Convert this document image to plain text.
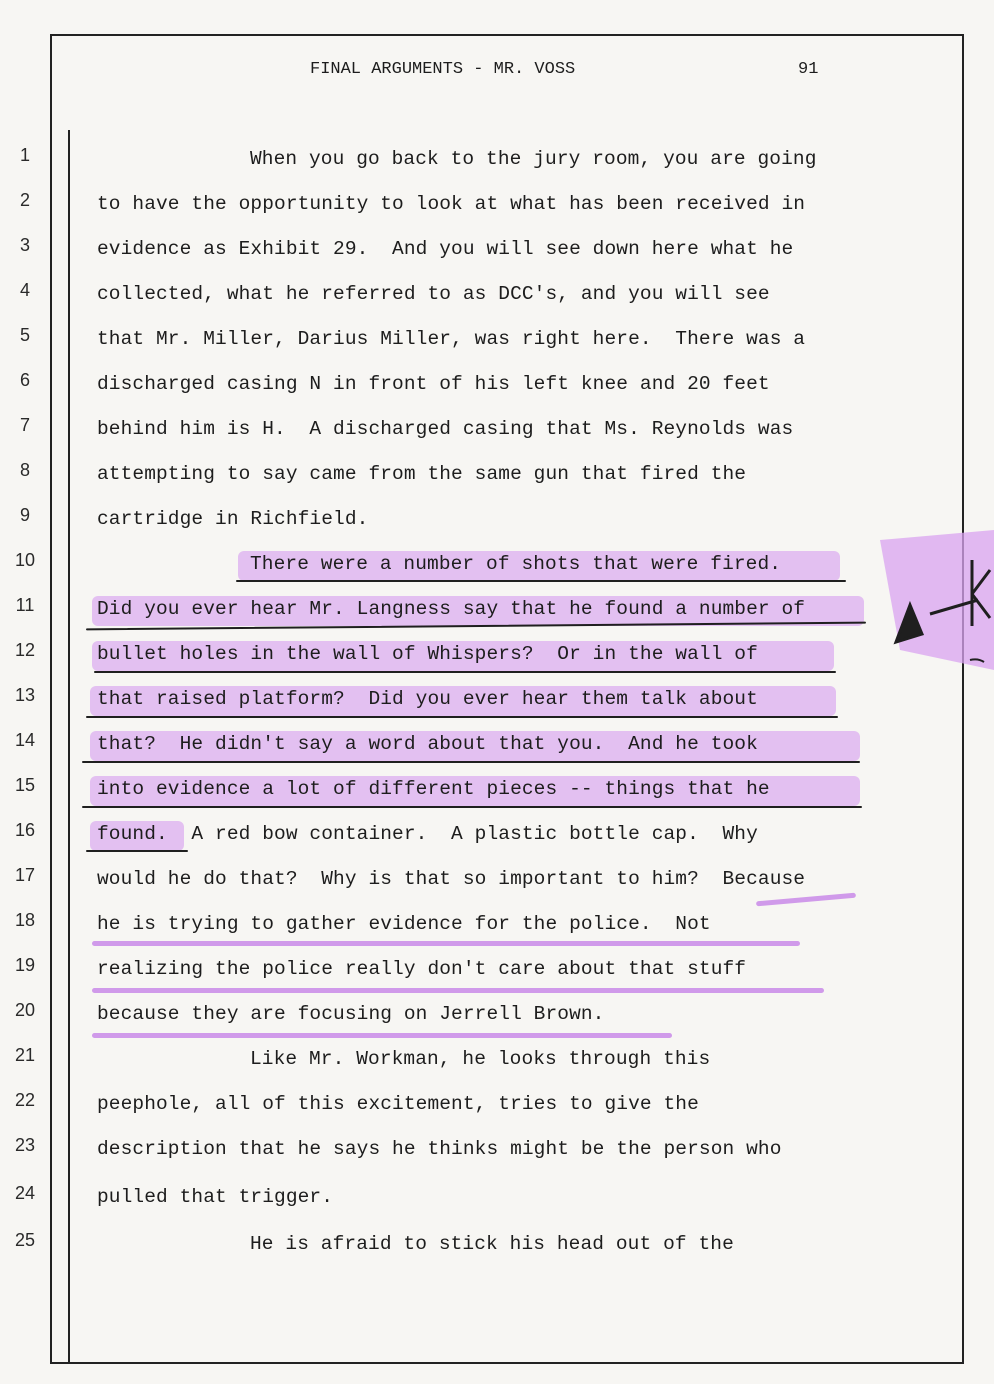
FINAL ARGUMENTS - MR. VOSS	91
1	When you go back to the jury room, you are going
2	to have the opportunity to look at what has been received in
3	evidence as Exhibit 29.  And you will see down here what he
4	collected, what he referred to as DCC's, and you will see
5	that Mr. Miller, Darius Miller, was right here.  There was a
6	discharged casing N in front of his left knee and 20 feet
7	behind him is H.  A discharged casing that Ms. Reynolds was
8	attempting to say came from the same gun that fired the
9	cartridge in Richfield.
10	There were a number of shots that were fired.
11	Did you ever hear Mr. Langness say that he found a number of
12	bullet holes in the wall of Whispers?  Or in the wall of
13	that raised platform?  Did you ever hear them talk about
14	that?  He didn't say a word about that you.  And he took
15	into evidence a lot of different pieces -- things that he
16	found.  A red bow container.  A plastic bottle cap.  Why
17	would he do that?  Why is that so important to him?  Because
18	he is trying to gather evidence for the police.  Not
19	realizing the police really don't care about that stuff
20	because they are focusing on Jerrell Brown.
21	Like Mr. Workman, he looks through this
22	peephole, all of this excitement, tries to give the
23	description that he says he thinks might be the person who
24	pulled that trigger.
25	He is afraid to stick his head out of the
